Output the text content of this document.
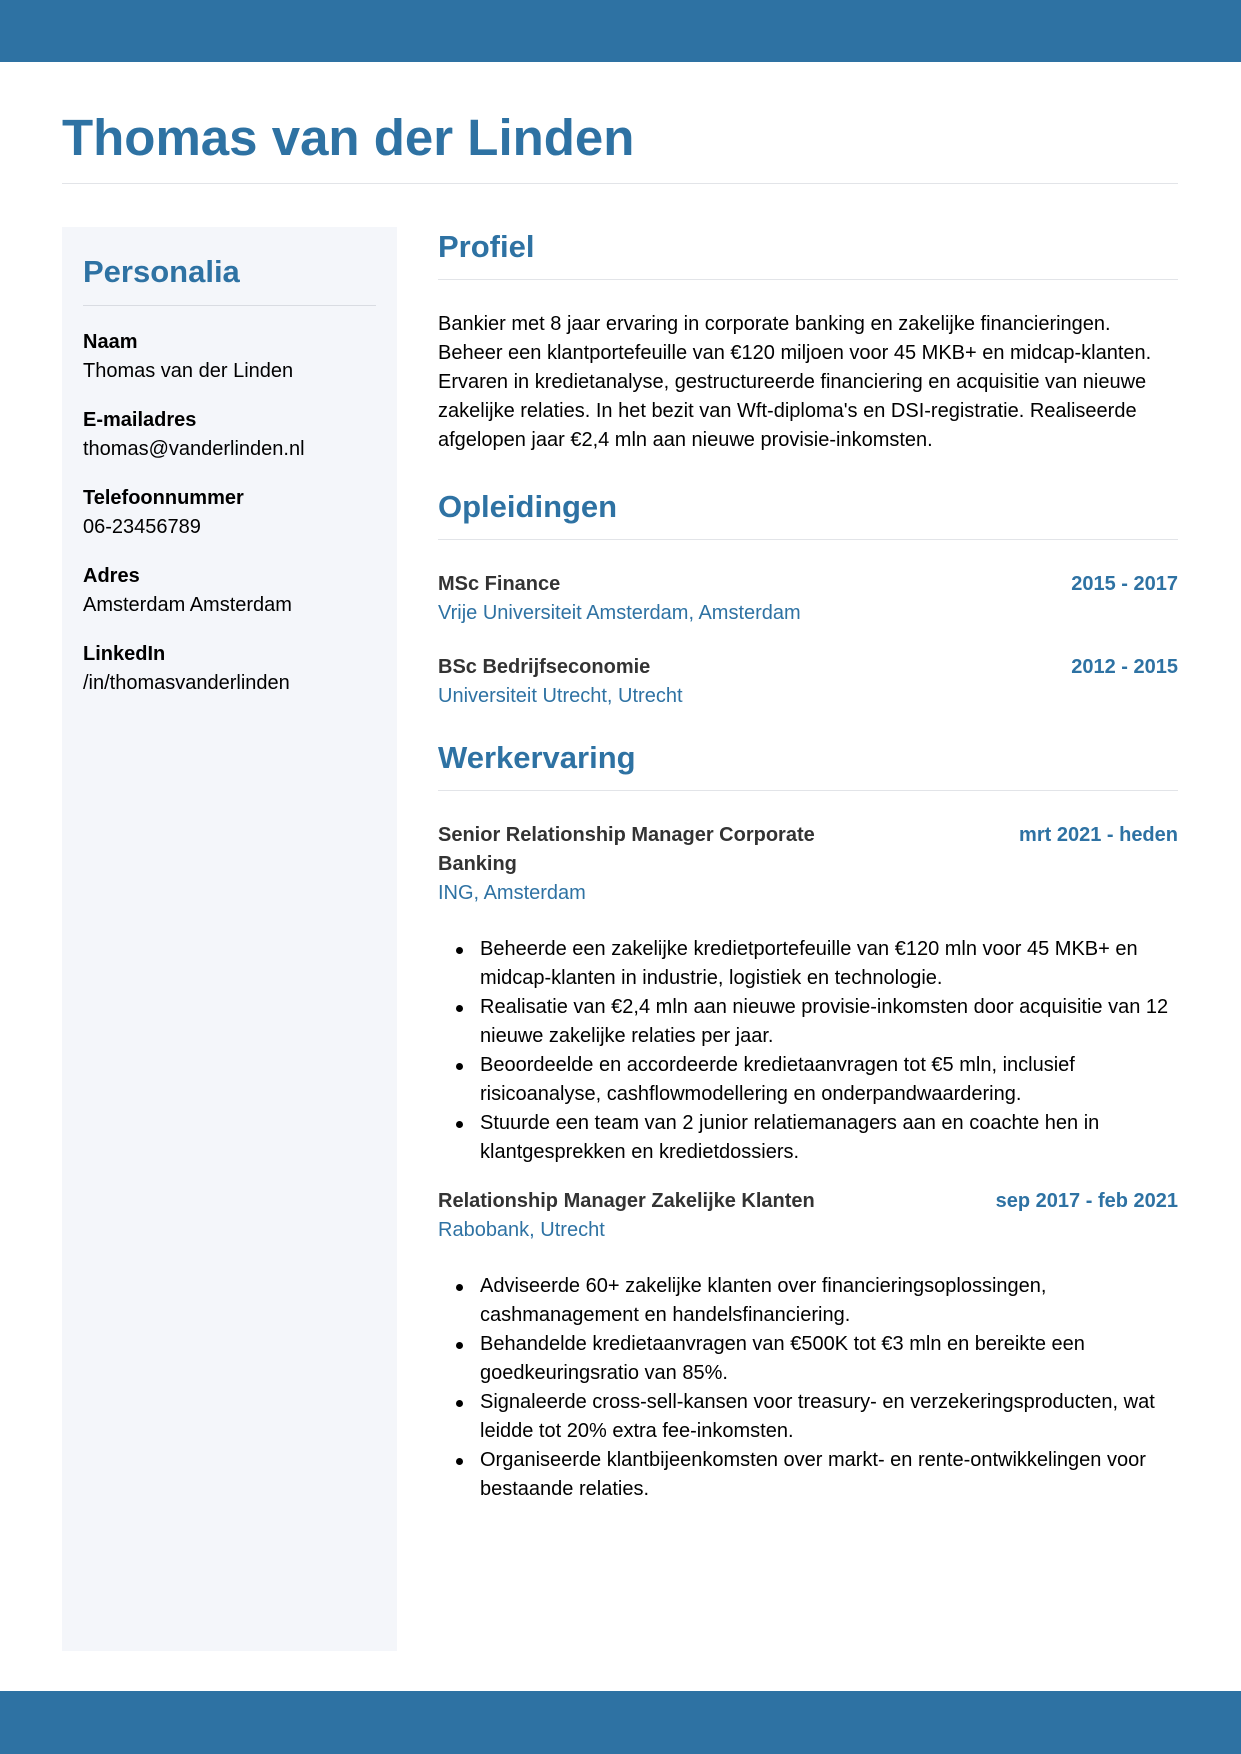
Thomas van der Linden
Personalia
Naam
Thomas van der Linden
E-mailadres
thomas@vanderlinden.nl
Telefoonnummer
06-23456789
Adres
Amsterdam Amsterdam
LinkedIn
/in/thomasvanderlinden
Profiel

Bankier met 8 jaar ervaring in corporate banking en zakelijke financieringen. Beheer een klantportefeuille van €120 miljoen voor 45 MKB+ en midcap-klanten. Ervaren in kredietanalyse, gestructureerde financiering en acquisitie van nieuwe zakelijke relaties. In het bezit van Wft-diploma's en DSI-registratie. Realiseerde afgelopen jaar €2,4 mln aan nieuwe provisie-inkomsten.

Opleidingen
MSc Finance	2015 - 2017
Vrije Universiteit Amsterdam, Amsterdam
BSc Bedrijfseconomie	2012 - 2015
Universiteit Utrecht, Utrecht
Werkervaring
Senior Relationship Manager Corporate Banking
mrt 2021 - heden
ING, Amsterdam
Beheerde een zakelijke kredietportefeuille van €120 mln voor 45 MKB+ en midcap-klanten in industrie, logistiek en technologie.
Realisatie van €2,4 mln aan nieuwe provisie-inkomsten door acquisitie van 12 nieuwe zakelijke relaties per jaar.
Beoordeelde en accordeerde kredietaanvragen tot €5 mln, inclusief risicoanalyse, cashflowmodellering en onderpandwaardering.
Stuurde een team van 2 junior relatiemanagers aan en coachte hen in klantgesprekken en kredietdossiers.
Relationship Manager Zakelijke Klanten	sep 2017 - feb 2021
Rabobank, Utrecht
Adviseerde 60+ zakelijke klanten over financieringsoplossingen, cashmanagement en handelsfinanciering.
Behandelde kredietaanvragen van €500K tot €3 mln en bereikte een goedkeuringsratio van 85%.
Signaleerde cross-sell-kansen voor treasury- en verzekeringsproducten, wat leidde tot 20% extra fee-inkomsten.
Organiseerde klantbijeenkomsten over markt- en rente-ontwikkelingen voor bestaande relaties.
